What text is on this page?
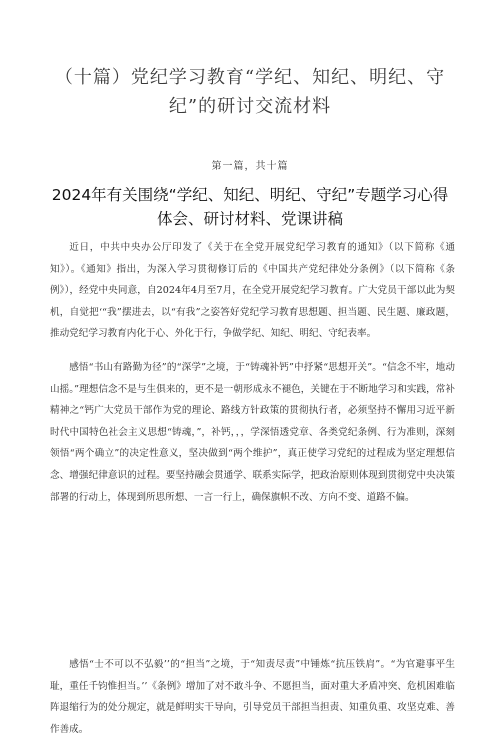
（十篇）党纪学习教育“学纪、知纪、明纪、守纪”的研讨交流材料
第一篇，共十篇
2024年有关围绕“学纪、知纪、明纪、守纪”专题学习心得体会、研讨材料、党课讲稿

近日，中共中央办公厅印发了《关于在全党开展党纪学习教育的通知》（以下简称《通知》）。《通知》指出，为深入学习贯彻修订后的《中国共产党纪律处分条例》（以下简称《条例》），经党中央同意，自2024年4月至7月，在全党开展党纪学习教育。广大党员干部以此为契机，自觉把‘“我”摆进去，以“有我”之姿答好党纪学习教育思想题、担当题、民生题、廉政题，推动党纪学习教育内化于心、外化于行，争做学纪、知纪、明纪、守纪表率。

感悟“书山有路勤为径”的“深学”之境，于“铸魂补钙”中抒紧“思想开关”。“信念不牢，地动山摇。”理想信念不是与生俱来的，更不是一朝形成永不褪色，关键在于不断地学习和实践，常补精神之“钙广大党员干部作为党的理论、路线方针政策的贯彻执行者，必须坚持不懈用习近平新时代中国特色社会主义思想“铸魂，”，补钙，，，学深悟透党章、各类党纪条例、行为准则，深刻领悟“两个确立”的决定性意义，坚决做到“两个维护”，真正使学习党纪的过程成为坚定理想信念、增强纪律意识的过程。要坚持融会贯通学、联系实际学，把政治原则体现到贯彻党中央决策部署的行动上，体现到所思所想、一言一行上，确保旗帜不改、方向不变、道路不偏。

感悟“士不可以不弘毅’’的“担当”之境，于“知责尽责”中锤炼“抗压铁肩”。“为官避事平生耻，重任千钧惟担当。’’《条例》增加了对不敢斗争、不愿担当，面对重大矛盾冲突、危机困难临阵退缩行为的处分规定，就是鲜明实干导向，引导党员干部担当担责、知重负重、攻坚克难、善作善成。
